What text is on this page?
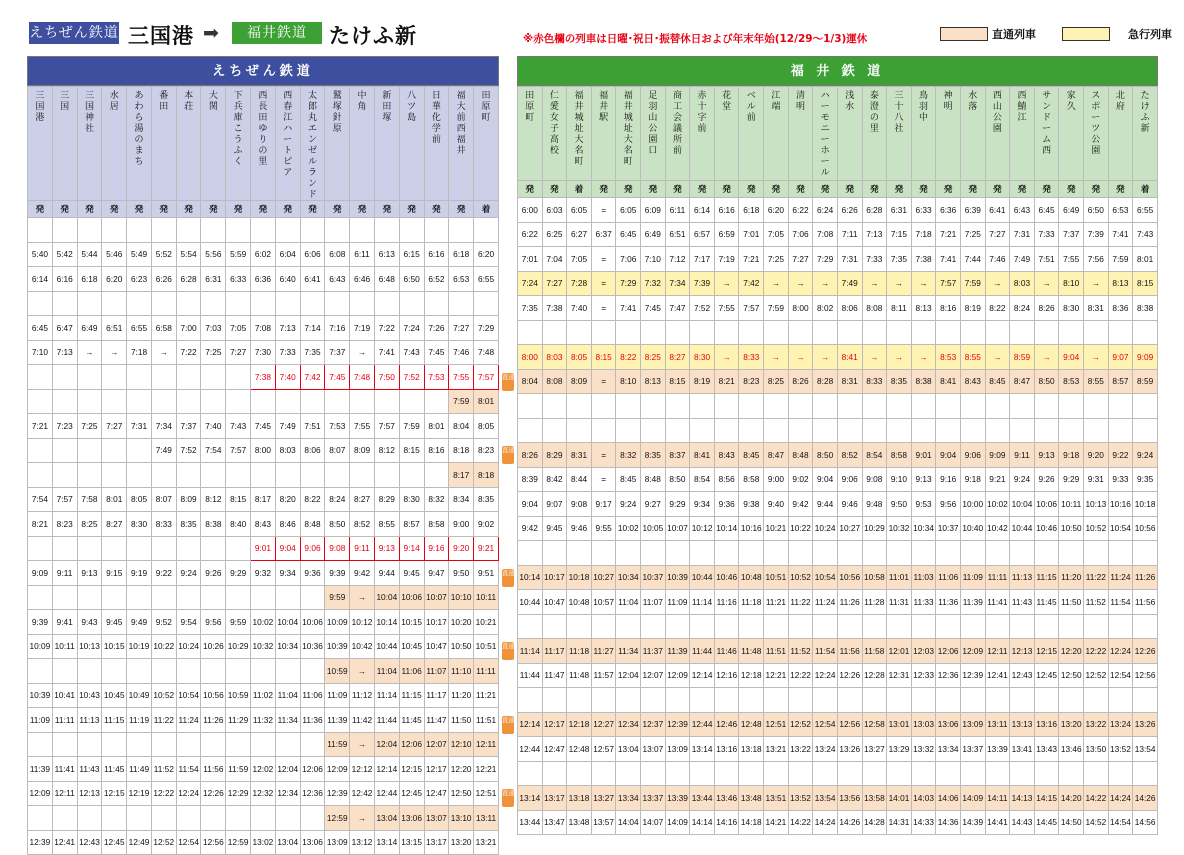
えちぜん鉄道 三国港 ➡	福井鉄道	たけふ新	※赤色欄の列車は日曜･祝日･振替休日および年末年始(12/29〜1/3)運休	直通列車	急行列車
えちぜん鉄道
三国港	三国	三国神社	水居	あわら湯のまち	番田	本荘	大関	下兵庫こうふく	西長田ゆりの里	西春江ハートピア	太郎丸エンゼルランド	鷲塚針原	中角	新田塚	八ツ島	日華化学前	福大前西福井	田原町
発	発	発	発	発	発	発	発	発	発	発	発	発	発	発	発	発	発	着

5:40	5:42	5:44	5:46	5:49	5:52	5:54	5:56	5:59	6:02	6:04	6:06	6:08	6:11	6:13	6:15	6:16	6:18	6:20
6:14	6:16	6:18	6:20	6:23	6:26	6:28	6:31	6:33	6:36	6:40	6:41	6:43	6:46	6:48	6:50	6:52	6:53	6:55

6:45	6:47	6:49	6:51	6:55	6:58	7:00	7:03	7:05	7:08	7:13	7:14	7:16	7:19	7:22	7:24	7:26	7:27	7:29
7:10	7:13	→	→	7:18	→	7:22	7:25	7:27	7:30	7:33	7:35	7:37	→	7:41	7:43	7:45	7:46	7:48
									7:38	7:40	7:42	7:45	7:48	7:50	7:52	7:53	7:55	7:57
																	7:59	8:01
7:21	7:23	7:25	7:27	7:31	7:34	7:37	7:40	7:43	7:45	7:49	7:51	7:53	7:55	7:57	7:59	8:01	8:04	8:05
					7:49	7:52	7:54	7:57	8:00	8:03	8:06	8:07	8:09	8:12	8:15	8:16	8:18	8:23
																	8:17	8:18
7:54	7:57	7:58	8:01	8:05	8:07	8:09	8:12	8:15	8:17	8:20	8:22	8:24	8:27	8:29	8:30	8:32	8:34	8:35
8:21	8:23	8:25	8:27	8:30	8:33	8:35	8:38	8:40	8:43	8:46	8:48	8:50	8:52	8:55	8:57	8:58	9:00	9:02
									9:01	9:04	9:06	9:08	9:11	9:13	9:14	9:16	9:20	9:21
9:09	9:11	9:13	9:15	9:19	9:22	9:24	9:26	9:29	9:32	9:34	9:36	9:39	9:42	9:44	9:45	9:47	9:50	9:51
												9:59	→	10:04	10:06	10:07	10:10	10:11
9:39	9:41	9:43	9:45	9:49	9:52	9:54	9:56	9:59	10:02	10:04	10:06	10:09	10:12	10:14	10:15	10:17	10:20	10:21
10:09	10:11	10:13	10:15	10:19	10:22	10:24	10:26	10:29	10:32	10:34	10:36	10:39	10:42	10:44	10:45	10:47	10:50	10:51
												10:59	→	11:04	11:06	11:07	11:10	11:11
10:39	10:41	10:43	10:45	10:49	10:52	10:54	10:56	10:59	11:02	11:04	11:06	11:09	11:12	11:14	11:15	11:17	11:20	11:21
11:09	11:11	11:13	11:15	11:19	11:22	11:24	11:26	11:29	11:32	11:34	11:36	11:39	11:42	11:44	11:45	11:47	11:50	11:51
												11:59	→	12:04	12:06	12:07	12:10	12:11
11:39	11:41	11:43	11:45	11:49	11:52	11:54	11:56	11:59	12:02	12:04	12:06	12:09	12:12	12:14	12:15	12:17	12:20	12:21
12:09	12:11	12:13	12:15	12:19	12:22	12:24	12:26	12:29	12:32	12:34	12:36	12:39	12:42	12:44	12:45	12:47	12:50	12:51
												12:59	→	13:04	13:06	13:07	13:10	13:11
12:39	12:41	12:43	12:45	12:49	12:52	12:54	12:56	12:59	13:02	13:04	13:06	13:09	13:12	13:14	13:15	13:17	13:20	13:21

直通

直通

直通

直通

直通

直通

福 井 鉄 道
田原町	仁愛女子高校	福井城址大名町	福井駅	福井城址大名町	足羽山公園口	商工会議所前	赤十字前	花堂	ベル前	江端	清明	ハーモニーホール	浅水	泰澄の里	三十八社	鳥羽中	神明	水落	西山公園	西鯖江	サンドーム西	家久	スポーツ公園	北府	たけふ新
発	発	着	発	発	発	発	発	発	発	発	発	発	発	発	発	発	発	発	発	発	発	発	発	発	着
6:00	6:03	6:05	=	6:05	6:09	6:11	6:14	6:16	6:18	6:20	6:22	6:24	6:26	6:28	6:31	6:33	6:36	6:39	6:41	6:43	6:45	6:49	6:50	6:53	6:55
6:22	6:25	6:27	6:37	6:45	6:49	6:51	6:57	6:59	7:01	7:05	7:06	7:08	7:11	7:13	7:15	7:18	7:21	7:25	7:27	7:31	7:33	7:37	7:39	7:41	7:43
7:01	7:04	7:05	=	7:06	7:10	7:12	7:17	7:19	7:21	7:25	7:27	7:29	7:31	7:33	7:35	7:38	7:41	7:44	7:46	7:49	7:51	7:55	7:56	7:59	8:01
7:24	7:27	7:28	=	7:29	7:32	7:34	7:39	→	7:42	→	→	→	7:49	→	→	→	7:57	7:59	→	8:03	→	8:10	→	8:13	8:15
7:35	7:38	7:40	=	7:41	7:45	7:47	7:52	7:55	7:57	7:59	8:00	8:02	8:06	8:08	8:11	8:13	8:16	8:19	8:22	8:24	8:26	8:30	8:31	8:36	8:38

8:00	8:03	8:05	8:15	8:22	8:25	8:27	8:30	→	8:33	→	→	→	8:41	→	→	→	8:53	8:55	→	8:59	→	9:04	→	9:07	9:09
8:04	8:08	8:09	=	8:10	8:13	8:15	8:19	8:21	8:23	8:25	8:26	8:28	8:31	8:33	8:35	8:38	8:41	8:43	8:45	8:47	8:50	8:53	8:55	8:57	8:59

8:26	8:29	8:31	=	8:32	8:35	8:37	8:41	8:43	8:45	8:47	8:48	8:50	8:52	8:54	8:58	9:01	9:04	9:06	9:09	9:11	9:13	9:18	9:20	9:22	9:24
8:39	8:42	8:44	=	8:45	8:48	8:50	8:54	8:56	8:58	9:00	9:02	9:04	9:06	9:08	9:10	9:13	9:16	9:18	9:21	9:24	9:26	9:29	9:31	9:33	9:35
9:04	9:07	9:08	9:17	9:24	9:27	9:29	9:34	9:36	9:38	9:40	9:42	9:44	9:46	9:48	9:50	9:53	9:56	10:00	10:02	10:04	10:06	10:11	10:13	10:16	10:18
9:42	9:45	9:46	9:55	10:02	10:05	10:07	10:12	10:14	10:16	10:21	10:22	10:24	10:27	10:29	10:32	10:34	10:37	10:40	10:42	10:44	10:46	10:50	10:52	10:54	10:56

10:14	10:17	10:18	10:27	10:34	10:37	10:39	10:44	10:46	10:48	10:51	10:52	10:54	10:56	10:58	11:01	11:03	11:06	11:09	11:11	11:13	11:15	11:20	11:22	11:24	11:26
10:44	10:47	10:48	10:57	11:04	11:07	11:09	11:14	11:16	11:18	11:21	11:22	11:24	11:26	11:28	11:31	11:33	11:36	11:39	11:41	11:43	11:45	11:50	11:52	11:54	11:56

11:14	11:17	11:18	11:27	11:34	11:37	11:39	11:44	11:46	11:48	11:51	11:52	11:54	11:56	11:58	12:01	12:03	12:06	12:09	12:11	12:13	12:15	12:20	12:22	12:24	12:26
11:44	11:47	11:48	11:57	12:04	12:07	12:09	12:14	12:16	12:18	12:21	12:22	12:24	12:26	12:28	12:31	12:33	12:36	12:39	12:41	12:43	12:45	12:50	12:52	12:54	12:56

12:14	12:17	12:18	12:27	12:34	12:37	12:39	12:44	12:46	12:48	12:51	12:52	12:54	12:56	12:58	13:01	13:03	13:06	13:09	13:11	13:13	13:16	13:20	13:22	13:24	13:26
12:44	12:47	12:48	12:57	13:04	13:07	13:09	13:14	13:16	13:18	13:21	13:22	13:24	13:26	13:27	13:29	13:32	13:34	13:37	13:39	13:41	13:43	13:46	13:50	13:52	13:54

13:14	13:17	13:18	13:27	13:34	13:37	13:39	13:44	13:46	13:48	13:51	13:52	13:54	13:56	13:58	14:01	14:03	14:06	14:09	14:11	14:13	14:15	14:20	14:22	14:24	14:26
13:44	13:47	13:48	13:57	14:04	14:07	14:09	14:14	14:16	14:18	14:21	14:22	14:24	14:26	14:28	14:31	14:33	14:36	14:39	14:41	14:43	14:45	14:50	14:52	14:54	14:56
